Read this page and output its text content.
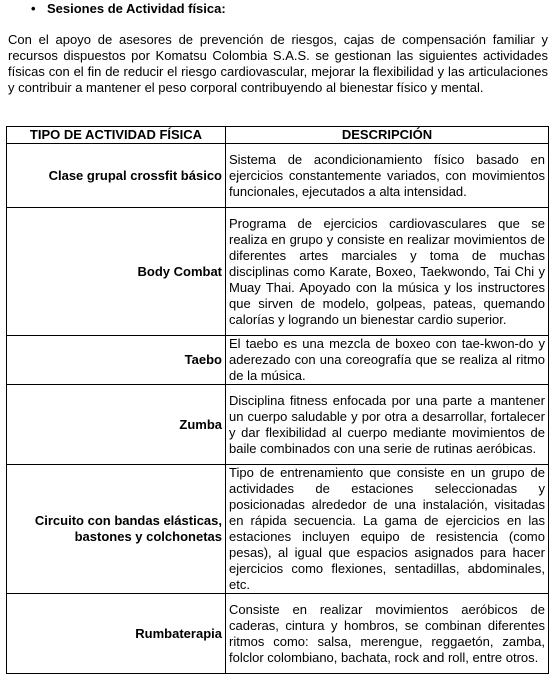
• Sesiones de Actividad física:
Con el apoyo de asesores de prevención de riesgos, cajas de compensación familiar y recursos dispuestos por Komatsu Colombia S.A.S. se gestionan las siguientes actividades físicas con el fin de reducir el riesgo cardiovascular, mejorar la flexibilidad y las articulaciones y contribuir a mantener el peso corporal contribuyendo al bienestar físico y mental.
TIPO DE ACTIVIDAD FÍSICA	DESCRIPCIÓN
Clase grupal crossfit básico	Sistema de acondicionamiento físico basado en ejercicios constantemente variados, con movimientos funcionales, ejecutados a alta intensidad.
Body Combat	Programa de ejercicios cardiovasculares que se realiza en grupo y consiste en realizar movimientos de diferentes artes marciales y toma de muchas disciplinas como Karate, Boxeo, Taekwondo, Tai Chi y Muay Thai. Apoyado con la música y los instructores que sirven de modelo, golpeas, pateas, quemando calorías y logrando un bienestar cardio superior.
Taebo	El taebo es una mezcla de boxeo con tae-kwon-do y aderezado con una coreografía que se realiza al ritmo de la música.
Zumba	Disciplina fitness enfocada por una parte a mantener un cuerpo saludable y por otra a desarrollar, fortalecer y dar flexibilidad al cuerpo mediante movimientos de baile combinados con una serie de rutinas aeróbicas.
Circuito con bandas elásticas, bastones y colchonetas	Tipo de entrenamiento que consiste en un grupo de actividades de estaciones seleccionadas y posicionadas alrededor de una instalación, visitadas en rápida secuencia. La gama de ejercicios en las estaciones incluyen equipo de resistencia (como pesas), al igual que espacios asignados para hacer ejercicios como flexiones, sentadillas, abdominales, etc.
Rumbaterapia	Consiste en realizar movimientos aeróbicos de caderas, cintura y hombros, se combinan diferentes ritmos como: salsa, merengue, reggaetón, zamba, folclor colombiano, bachata, rock and roll, entre otros.
